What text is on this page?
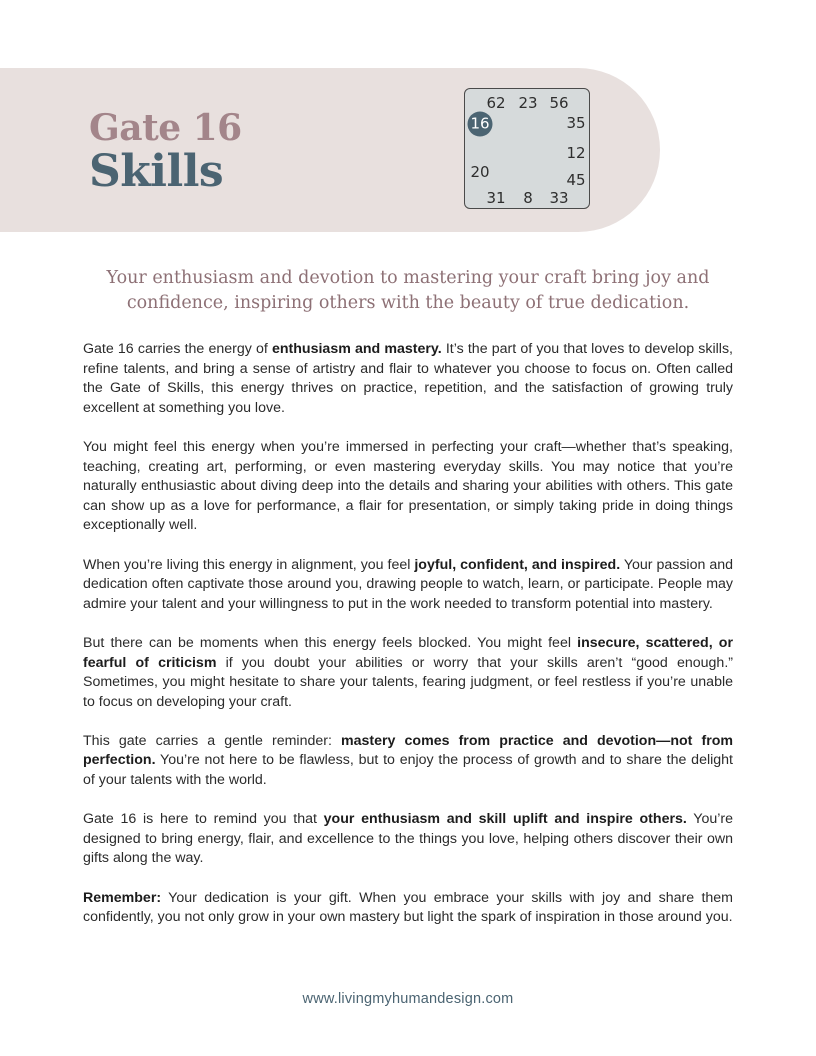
Gate 16
Skills
62 23 56
16	35
12
20	45
31 8 33

Your enthusiasm and devotion to mastering your craft bring joy and confidence, inspiring others with the beauty of true dedication.

Gate 16 carries the energy of enthusiasm and mastery. It’s the part of you that loves to develop skills, refine talents, and bring a sense of artistry and flair to whatever you choose to focus on. Often called the Gate of Skills, this energy thrives on practice, repetition, and the satisfaction of growing truly excellent at something you love.

You might feel this energy when you’re immersed in perfecting your craft—whether that’s speaking, teaching, creating art, performing, or even mastering everyday skills. You may notice that you’re naturally enthusiastic about diving deep into the details and sharing your abilities with others. This gate can show up as a love for performance, a flair for presentation, or simply taking pride in doing things exceptionally well.

When you’re living this energy in alignment, you feel joyful, confident, and inspired. Your passion and dedication often captivate those around you, drawing people to watch, learn, or participate. People may admire your talent and your willingness to put in the work needed to transform potential into mastery.

But there can be moments when this energy feels blocked. You might feel insecure, scattered, or fearful of criticism if you doubt your abilities or worry that your skills aren’t “good enough.” Sometimes, you might hesitate to share your talents, fearing judgment, or feel restless if you’re unable to focus on developing your craft.

This gate carries a gentle reminder: mastery comes from practice and devotion—not from perfection. You’re not here to be flawless, but to enjoy the process of growth and to share the delight of your talents with the world.

Gate 16 is here to remind you that your enthusiasm and skill uplift and inspire others. You’re designed to bring energy, flair, and excellence to the things you love, helping others discover their own gifts along the way.

Remember: Your dedication is your gift. When you embrace your skills with joy and share them confidently, you not only grow in your own mastery but light the spark of inspiration in those around you.

www.livingmyhumandesign.com
